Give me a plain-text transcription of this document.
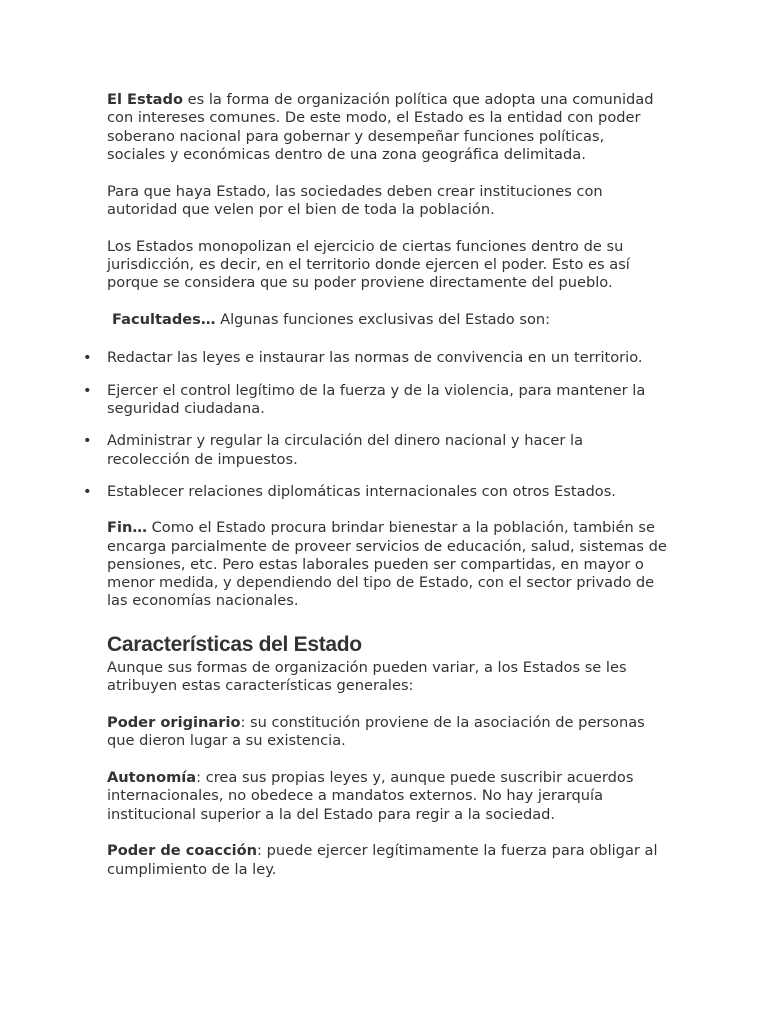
El Estado es la forma de organización política que adopta una comunidad con intereses comunes. De este modo, el Estado es la entidad con poder soberano nacional para gobernar y desempeñar funciones políticas, sociales y económicas dentro de una zona geográfica delimitada.

Para que haya Estado, las sociedades deben crear instituciones con autoridad que velen por el bien de toda la población.

Los Estados monopolizan el ejercicio de ciertas funciones dentro de su jurisdicción, es decir, en el territorio donde ejercen el poder. Esto es así porque se considera que su poder proviene directamente del pueblo.

Facultades… Algunas funciones exclusivas del Estado son:

• Redactar las leyes e instaurar las normas de convivencia en un territorio.
• Ejercer el control legítimo de la fuerza y de la violencia, para mantener la seguridad ciudadana.
• Administrar y regular la circulación del dinero nacional y hacer la recolección de impuestos.
• Establecer relaciones diplomáticas internacionales con otros Estados.

Fin… Como el Estado procura brindar bienestar a la población, también se encarga parcialmente de proveer servicios de educación, salud, sistemas de pensiones, etc. Pero estas laborales pueden ser compartidas, en mayor o menor medida, y dependiendo del tipo de Estado, con el sector privado de las economías nacionales.

Características del Estado

Aunque sus formas de organización pueden variar, a los Estados se les atribuyen estas características generales:

Poder originario: su constitución proviene de la asociación de personas que dieron lugar a su existencia.

Autonomía: crea sus propias leyes y, aunque puede suscribir acuerdos internacionales, no obedece a mandatos externos. No hay jerarquía institucional superior a la del Estado para regir a la sociedad.

Poder de coacción: puede ejercer legítimamente la fuerza para obligar al cumplimiento de la ley.
